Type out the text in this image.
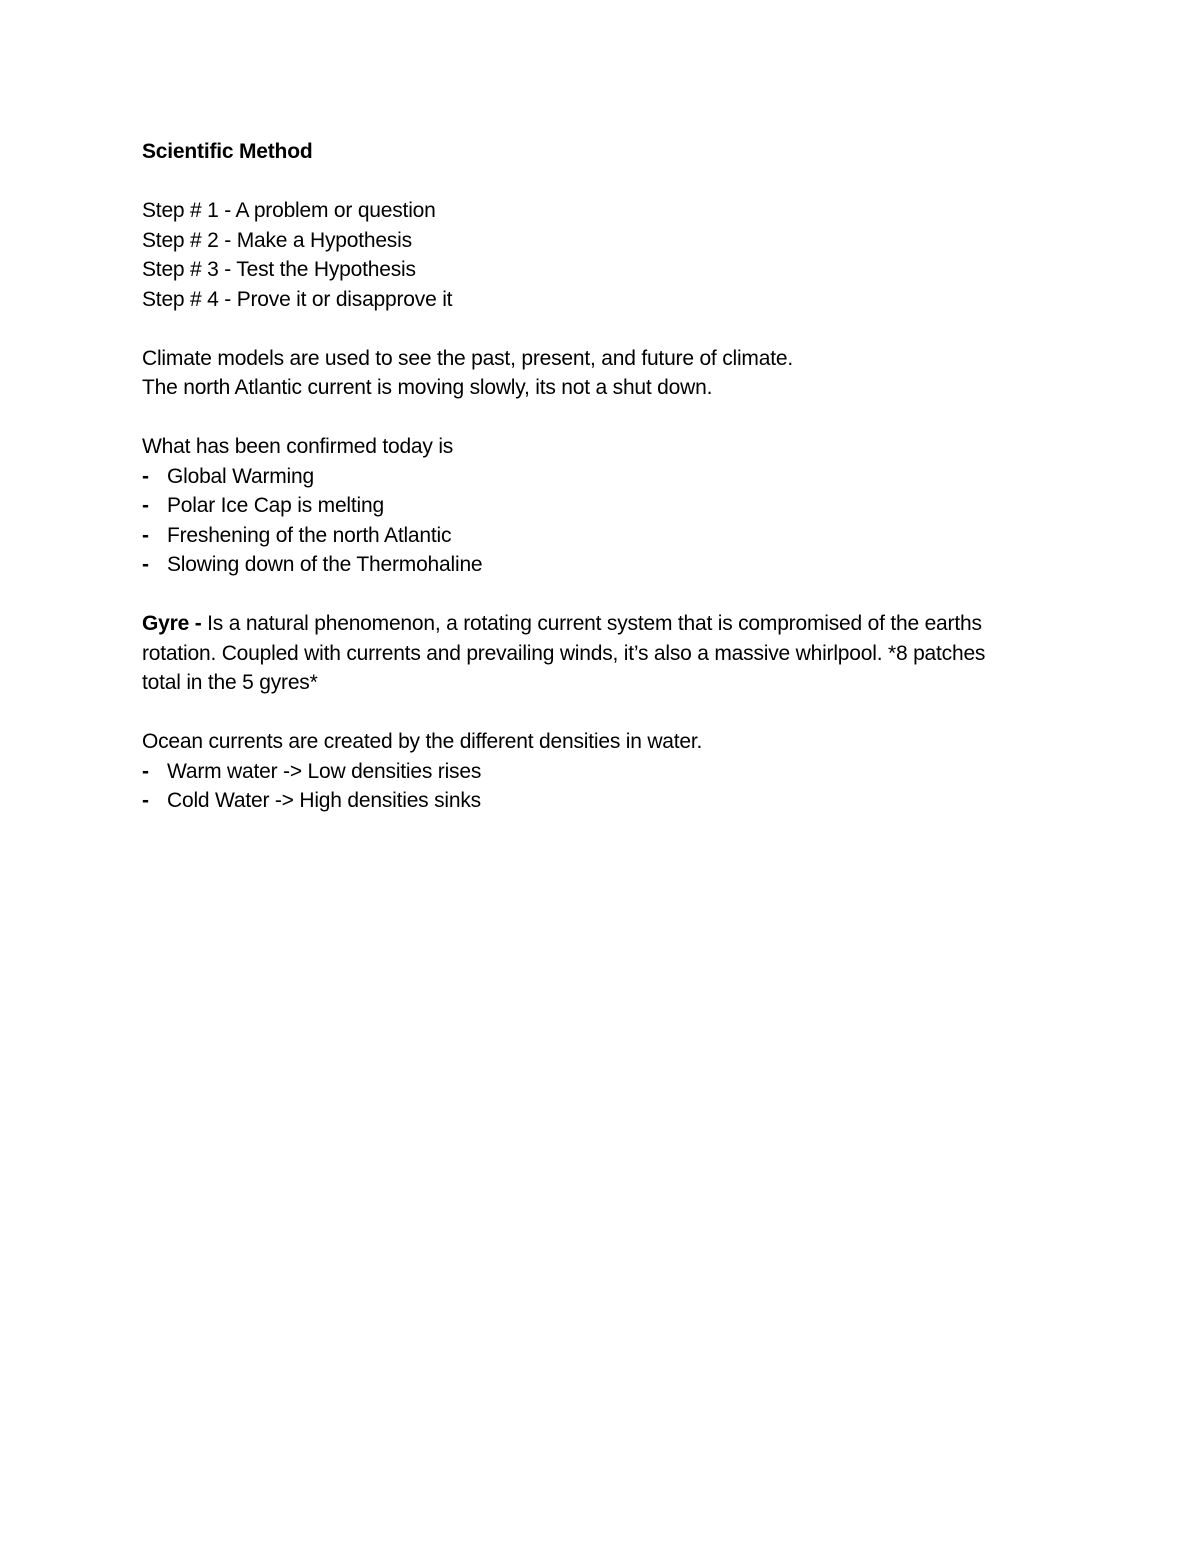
Scientific Method
Step # 1 - A problem or question
Step # 2 - Make a Hypothesis
Step # 3 - Test the Hypothesis
Step # 4 - Prove it or disapprove it
Climate models are used to see the past, present, and future of climate.
The north Atlantic current is moving slowly, its not a shut down.
What has been confirmed today is
- Global Warming
- Polar Ice Cap is melting
- Freshening of the north Atlantic
- Slowing down of the Thermohaline
Gyre - Is a natural phenomenon, a rotating current system that is compromised of the earths
rotation. Coupled with currents and prevailing winds, it’s also a massive whirlpool. *8 patches
total in the 5 gyres*
Ocean currents are created by the different densities in water.
- Warm water -> Low densities rises
- Cold Water -> High densities sinks
